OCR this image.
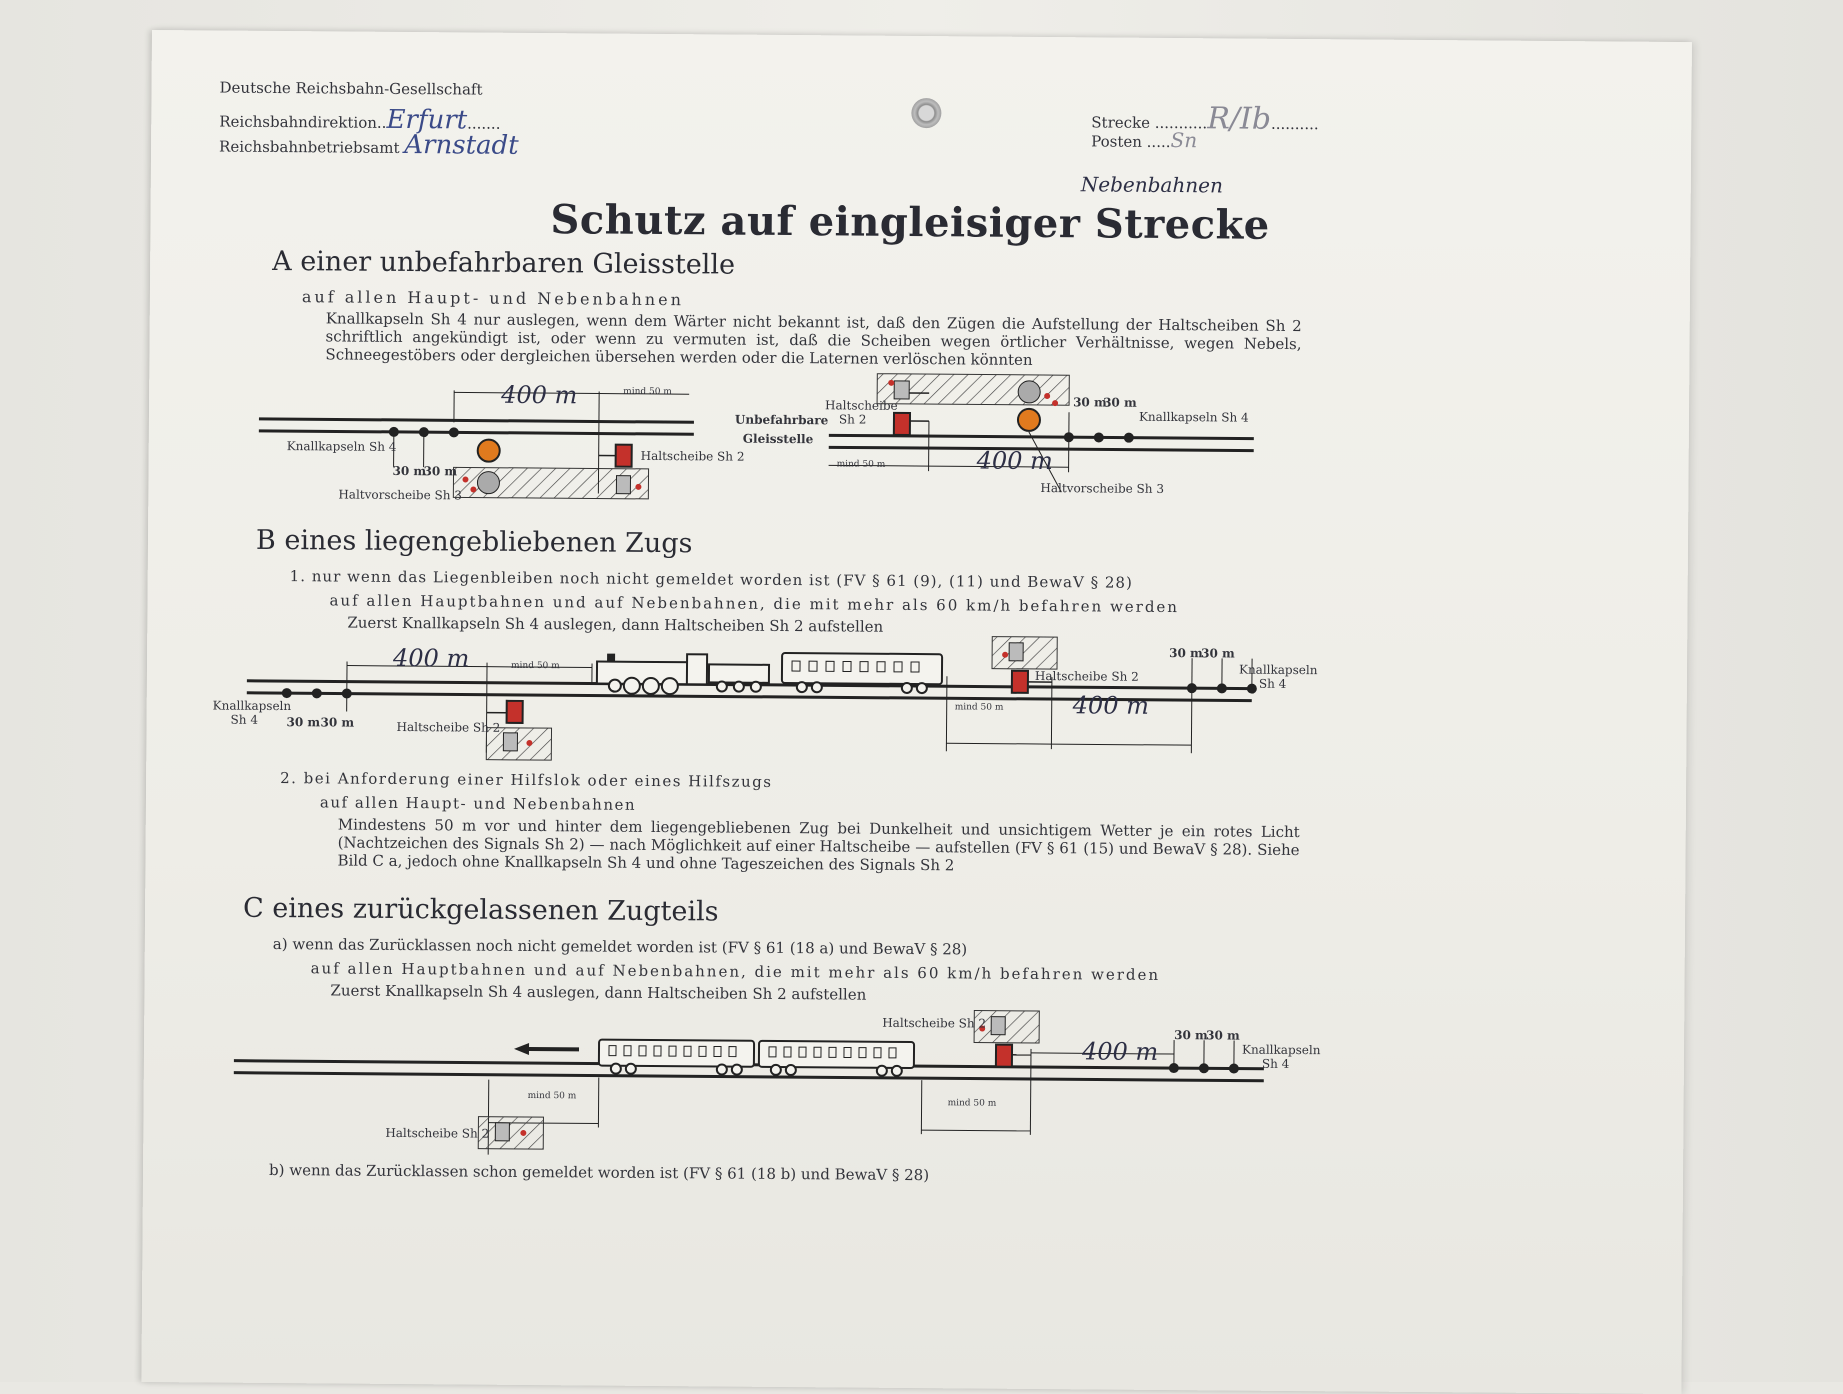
Deutsche Reichsbahn-Gesellschaft
Reichsbahndirektion..Erfurt.......
Reichsbahnbetriebsamt Arnstadt
Strecke ...........R/Ib..........
Posten .....Sn
Nebenbahnen
Schutz auf eingleisiger Strecke
A einer unbefahrbaren Gleisstelle
auf allen Haupt- und Nebenbahnen
Knallkapseln Sh 4 nur auslegen, wenn dem Wärter nicht bekannt ist, daß den Zügen die Aufstellung der Haltscheiben Sh 2 schriftlich angekündigt ist, oder wenn zu vermuten ist, daß die Scheiben wegen örtlicher Verhältnisse, wegen Nebels, Schneegestöbers oder dergleichen übersehen werden oder die Laternen verlöschen könnten
400 m	mind 50 m
Knallkapseln Sh 4
Haltscheibe Sh 2
30 m
30 m
Haltvorscheibe Sh 3
Unbefahrbare
Gleisstelle
Haltscheibe
Sh 2
30 m
30 m
Knallkapseln Sh 4
mind 50 m	400 m
Haltvorscheibe Sh 3
B eines liegengebliebenen Zugs
1. nur wenn das Liegenbleiben noch nicht gemeldet worden ist (FV § 61 (9), (11) und BewaV § 28)
auf allen Hauptbahnen und auf Nebenbahnen, die mit mehr als 60 km/h befahren werden
Zuerst Knallkapseln Sh 4 auslegen, dann Haltscheiben Sh 2 aufstellen
400 m	mind 50 m
Knallkapseln
Sh 4 30 m 30 m	Haltscheibe Sh 2
Haltscheibe Sh 2
30 m
30 m
Knallkapseln
Sh 4
mind 50 m	400 m
2. bei Anforderung einer Hilfslok oder eines Hilfszugs
auf allen Haupt- und Nebenbahnen
Mindestens 50 m vor und hinter dem liegengebliebenen Zug bei Dunkelheit und unsichtigem Wetter je ein rotes Licht (Nachtzeichen des Signals Sh 2) — nach Möglichkeit auf einer Haltscheibe — aufstellen (FV § 61 (15) und BewaV § 28). Siehe Bild C a, jedoch ohne Knallkapseln Sh 4 und ohne Tageszeichen des Signals Sh 2
C eines zurückgelassenen Zugteils
a) wenn das Zurücklassen noch nicht gemeldet worden ist (FV § 61 (18 a) und BewaV § 28)
auf allen Hauptbahnen und auf Nebenbahnen, die mit mehr als 60 km/h befahren werden
Zuerst Knallkapseln Sh 4 auslegen, dann Haltscheiben Sh 2 aufstellen
Haltscheibe Sh 2
400 m
30 m
30 m
Knallkapseln
Sh 4
mind 50 m
mind 50 m
Haltscheibe Sh 2
b) wenn das Zurücklassen schon gemeldet worden ist (FV § 61 (18 b) und BewaV § 28)
